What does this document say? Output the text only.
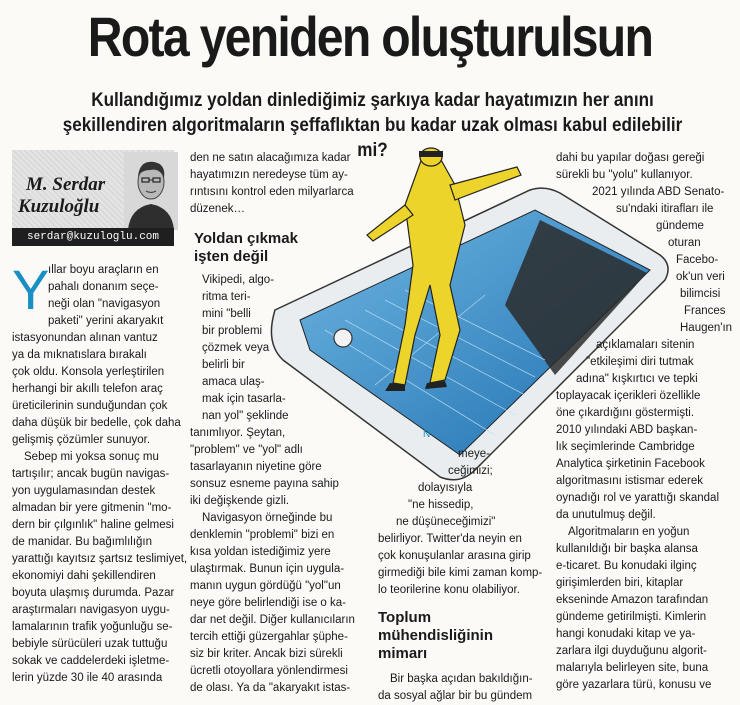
Rota yeniden oluşturulsun
Kullandığımız yoldan dinlediğimiz şarkıya kadar hayatımızın her anını
şekillendiren algoritmaların şeffaflıktan bu kadar uzak olması kabul edilebilir mi?
M. Serdar
Kuzuloğlu
serdar@kuzuloglu.com
Y
ıllar boyu araçların en
pahalı donanım seçe-
neği olan "navigasyon
paketi" yerini akaryakıt
istasyonundan alınan vantuz
ya da mıknatıslara bırakalı
çok oldu. Konsola yerleştirilen
herhangi bir akıllı telefon araç
üreticilerinin sunduğundan çok
daha düşük bir bedelle, çok daha
gelişmiş çözümler sunuyor.
Sebep mi yoksa sonuç mu
tartışılır; ancak bugün navigas-
yon uygulamasından destek
almadan bir yere gitmenin "mo-
dern bir çılgınlık" haline gelmesi
de manidar. Bu bağımlılığın
yarattığı kayıtsız şartsız teslimiyet,
ekonomiyi dahi şekillendiren
boyuta ulaşmış durumda. Pazar
araştırmaları navigasyon uygu-
lamalarının trafik yoğunluğu se-
bebiyle sürücüleri uzak tuttuğu
sokak ve caddelerdeki işletme-
lerin yüzde 30 ile 40 arasında
den ne satın alacağımıza kadar
hayatımızın neredeyse tüm ay-
rıntısını kontrol eden milyarlarca
düzenek…
Yoldan çıkmak
işten değil
Vikipedi, algo-
ritma teri-
mini "belli
bir problemi
çözmek veya
belirli bir
amaca ulaş-
mak için tasarla-
nan yol" şeklinde
tanımlıyor. Şeytan,
"problem" ve "yol" adlı
tasarlayanın niyetine göre
sonsuz esneme payına sahip
iki değişkende gizli.
Navigasyon örneğinde bu
denklemin "problemi" bizi en
kısa yoldan istediğimiz yere
ulaştırmak. Bunun için uygula-
manın uygun gördüğü "yol"un
neye göre belirlendiği ise o ka-
dar net değil. Diğer kullanıcıların
tercih ettiği güzergahlar şüphe-
siz bir kriter. Ancak bizi sürekli
ücretli otoyollara yönlendirmesi
de olası. Ya da "akaryakıt istas-
N
meye-
ceğimizi;
dolayısıyla
"ne hissedip,
ne düşüneceğimizi"
belirliyor. Twitter'da neyin en
çok konuşulanlar arasına girip
girmediği bile kimi zaman komp-
lo teorilerine konu olabiliyor.
Toplum
mühendisliğinin
mimarı
Bir başka açıdan bakıldığın-
da sosyal ağlar bir bu gündem
dahi bu yapılar doğası gereği
sürekli bu "yolu" kullanıyor.
2021 yılında ABD Senato-
su'ndaki itirafları ile
gündeme
oturan
Facebo-
ok'un veri
bilimcisi
Frances
Haugen'ın
açıklamaları sitenin
"etkileşimi diri tutmak
adına" kışkırtıcı ve tepki
toplayacak içerikleri özellikle
öne çıkardığını göstermişti.
2010 yılındaki ABD başkan-
lık seçimlerinde Cambridge
Analytica şirketinin Facebook
algoritmasını istismar ederek
oynadığı rol ve yarattığı skandal
da unutulmuş değil.
Algoritmaların en yoğun
kullanıldığı bir başka alansa
e-ticaret. Bu konudaki ilginç
girişimlerden biri, kitaplar
ekseninde Amazon tarafından
gündeme getirilmişti. Kimlerin
hangi konudaki kitap ve ya-
zarlara ilgi duyduğunu algorit-
malarıyla belirleyen site, buna
göre yazarlara türü, konusu ve
